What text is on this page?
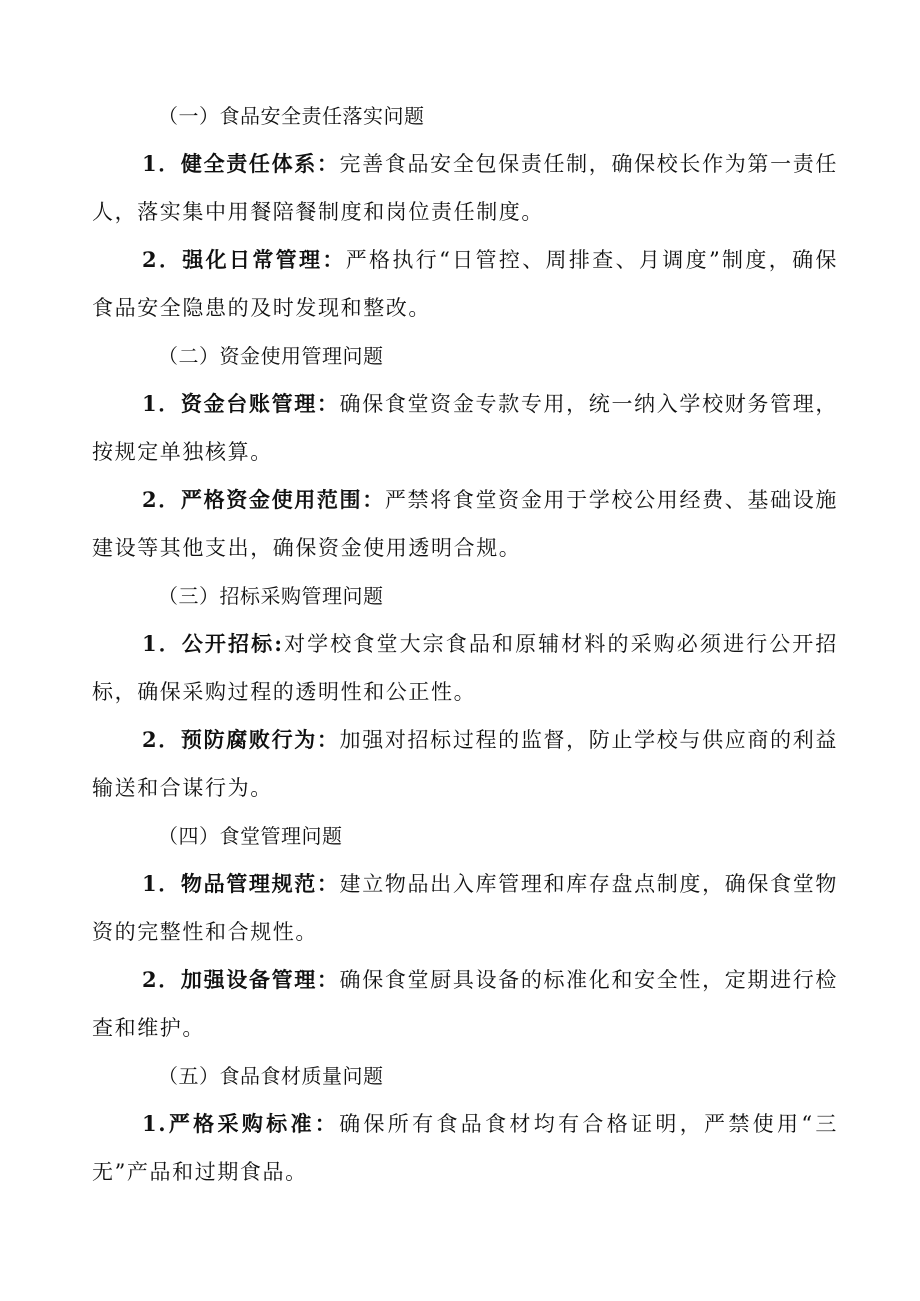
（一）食品安全责任落实问题

1．健全责任体系：完善食品安全包保责任制，确保校长作为第一责任人，落实集中用餐陪餐制度和岗位责任制度。

2．强化日常管理：严格执行“日管控、周排查、月调度”制度，确保食品安全隐患的及时发现和整改。

（二）资金使用管理问题

1．资金台账管理：确保食堂资金专款专用，统一纳入学校财务管理，按规定单独核算。

2．严格资金使用范围：严禁将食堂资金用于学校公用经费、基础设施建设等其他支出，确保资金使用透明合规。

（三）招标采购管理问题

1．公开招标:对学校食堂大宗食品和原辅材料的采购必须进行公开招标，确保采购过程的透明性和公正性。

2．预防腐败行为：加强对招标过程的监督，防止学校与供应商的利益输送和合谋行为。

（四）食堂管理问题

1．物品管理规范：建立物品出入库管理和库存盘点制度，确保食堂物资的完整性和合规性。

2．加强设备管理：确保食堂厨具设备的标准化和安全性，定期进行检查和维护。

（五）食品食材质量问题

1.严格采购标准：确保所有食品食材均有合格证明，严禁使用“三无”产品和过期食品。
